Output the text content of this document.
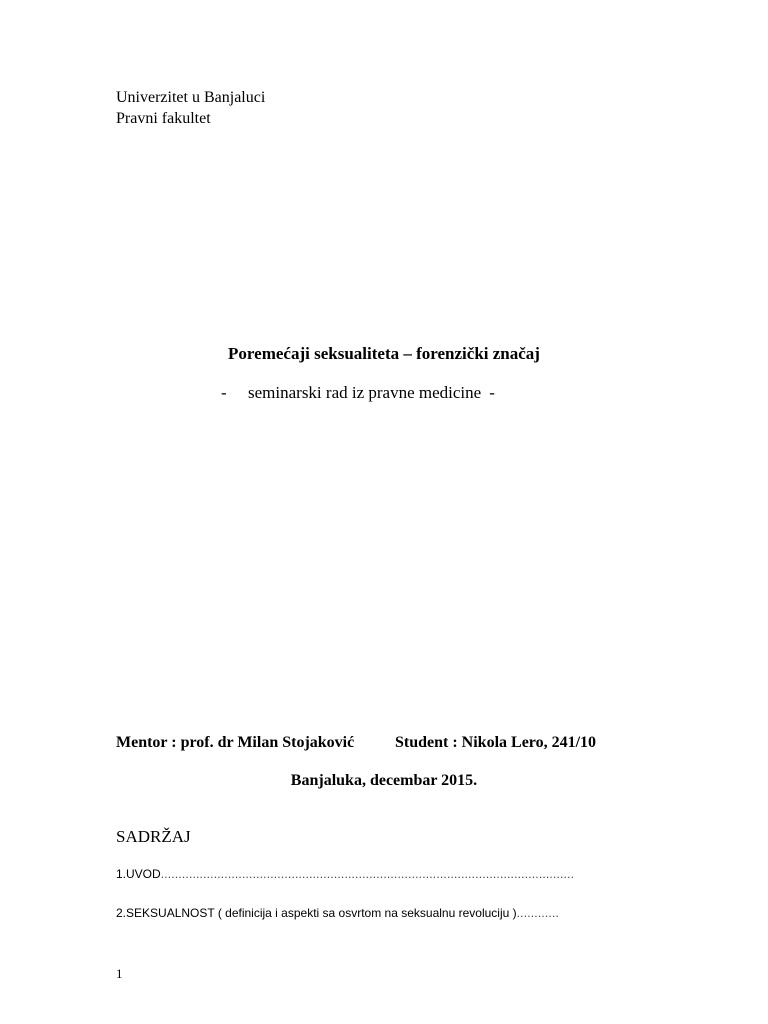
Univerzitet u Banjaluci
Pravni fakultet
Poremećaji seksualiteta – forenzički značaj
- seminarski rad iz pravne medicine -
Mentor : prof. dr Milan Stojaković	Student : Nikola Lero, 241/10
Banjaluka, decembar 2015.
SADRŽAJ
1.UVOD.....................................................................................................................
2.SEKSUALNOST ( definicija i aspekti sa osvrtom na seksualnu revoluciju )............
1
